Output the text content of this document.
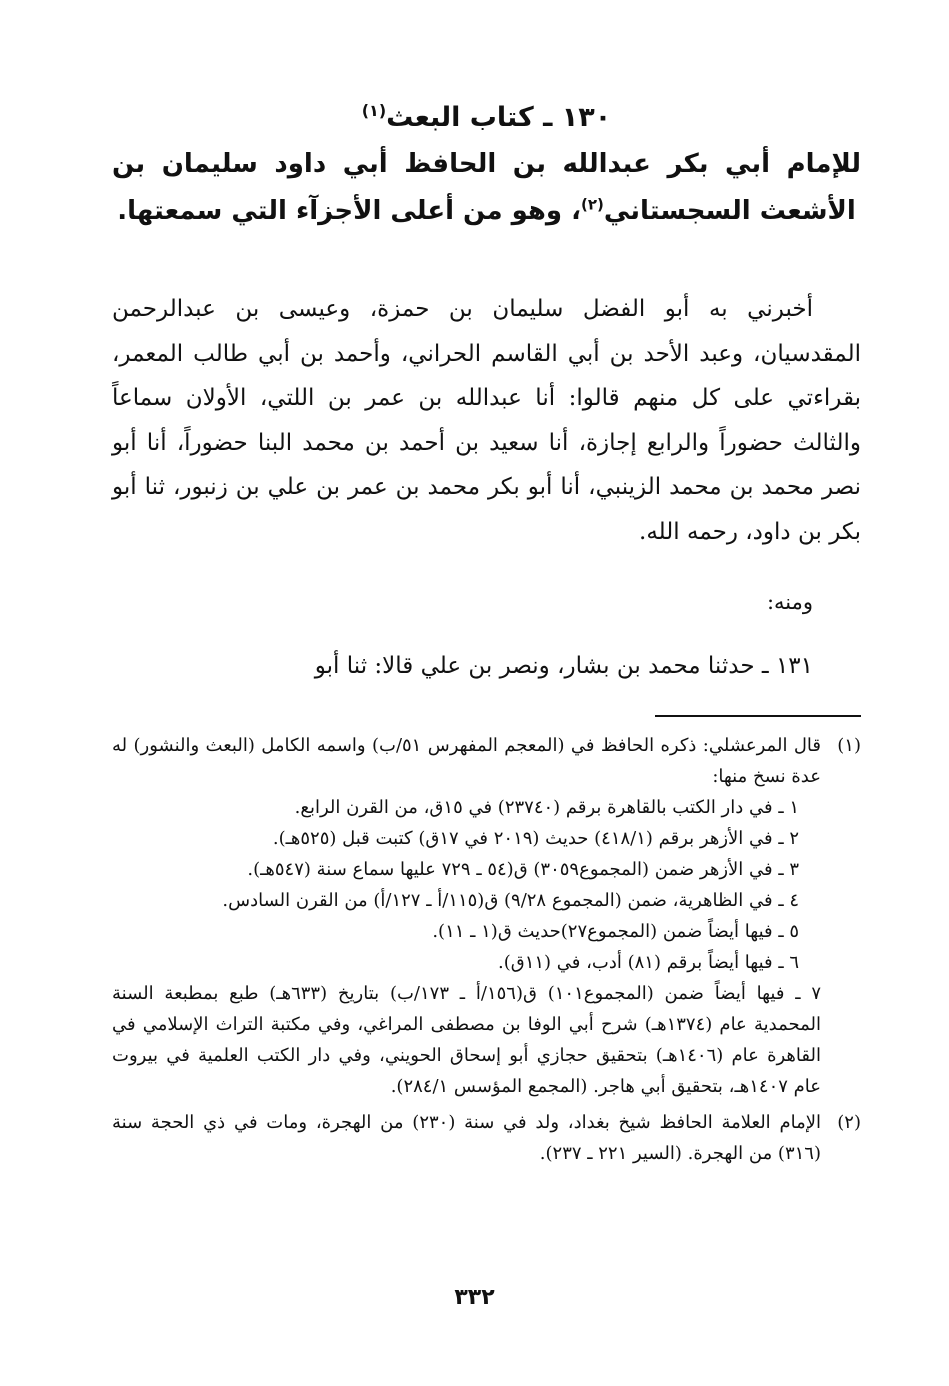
١٣٠ ـ كتاب البعث$^{(١)}$

للإمام أبي بكر عبدالله بن الحافظ أبي داود سليمان بن الأشعث السجستاني$^{(٢)}$، وهو من أعلى الأجزآء التي سمعتها.

أخبرني به أبو الفضل سليمان بن حمزة، وعيسى بن عبدالرحمن المقدسيان، وعبد الأحد بن أبي القاسم الحراني، وأحمد بن أبي طالب المعمر، بقراءتي على كل منهم قالوا: أنا عبدالله بن عمر بن اللتي، الأولان سماعاً والثالث حضوراً والرابع إجازة، أنا سعيد بن أحمد بن محمد البنا حضوراً، أنا أبو نصر محمد بن محمد الزينبي، أنا أبو بكر محمد بن عمر بن علي بن زنبور، ثنا أبو بكر بن داود، رحمه الله.

ومنه:

١٣١ ـ حدثنا محمد بن بشار، ونصر بن علي قالا: ثنا أبو

(١)
قال المرعشلي: ذكره الحافظ في (المعجم المفهرس ٥١/ب) واسمه الكامل (البعث والنشور) له عدة نسخ منها:
١ ـ في دار الكتب بالقاهرة برقم (٢٣٧٤٠) في ١٥ق، من القرن الرابع.
٢ ـ في الأزهر برقم (٤١٨/١) حديث (٢٠١٩ في ١٧ق) كتبت قبل (٥٢٥هـ).
٣ ـ في الأزهر ضمن (المجموع٣٠٥٩) ق(٥٤ ـ ٧٢٩ عليها سماع سنة (٥٤٧هـ).
٤ ـ في الظاهرية، ضمن (المجموع ٩/٢٨) ق(١١٥/أ ـ ١٢٧/أ) من القرن السادس.
٥ ـ فيها أيضاً ضمن (المجموع٢٧)حديث ق(١ ـ ١١).
٦ ـ فيها أيضاً برقم (٨١) أدب، في (١١ق).
٧ ـ فيها أيضاً ضمن (المجموع١٠١) ق(١٥٦/أ ـ ١٧٣/ب) بتاريخ (٦٣٣هـ) طبع بمطبعة السنة المحمدية عام (١٣٧٤هـ) شرح أبي الوفا بن مصطفى المراغي، وفي مكتبة التراث الإسلامي في القاهرة عام (١٤٠٦هـ) بتحقيق حجازي أبو إسحاق الحويني، وفي دار الكتب العلمية في بيروت عام ١٤٠٧هـ، بتحقيق أبي هاجر. (المجمع المؤسس ٢٨٤/١).
(٢)
الإمام العلامة الحافظ شيخ بغداد، ولد في سنة (٢٣٠) من الهجرة، ومات في ذي الحجة سنة (٣١٦) من الهجرة. (السير ٢٢١ ـ ٢٣٧).
٣٣٢
